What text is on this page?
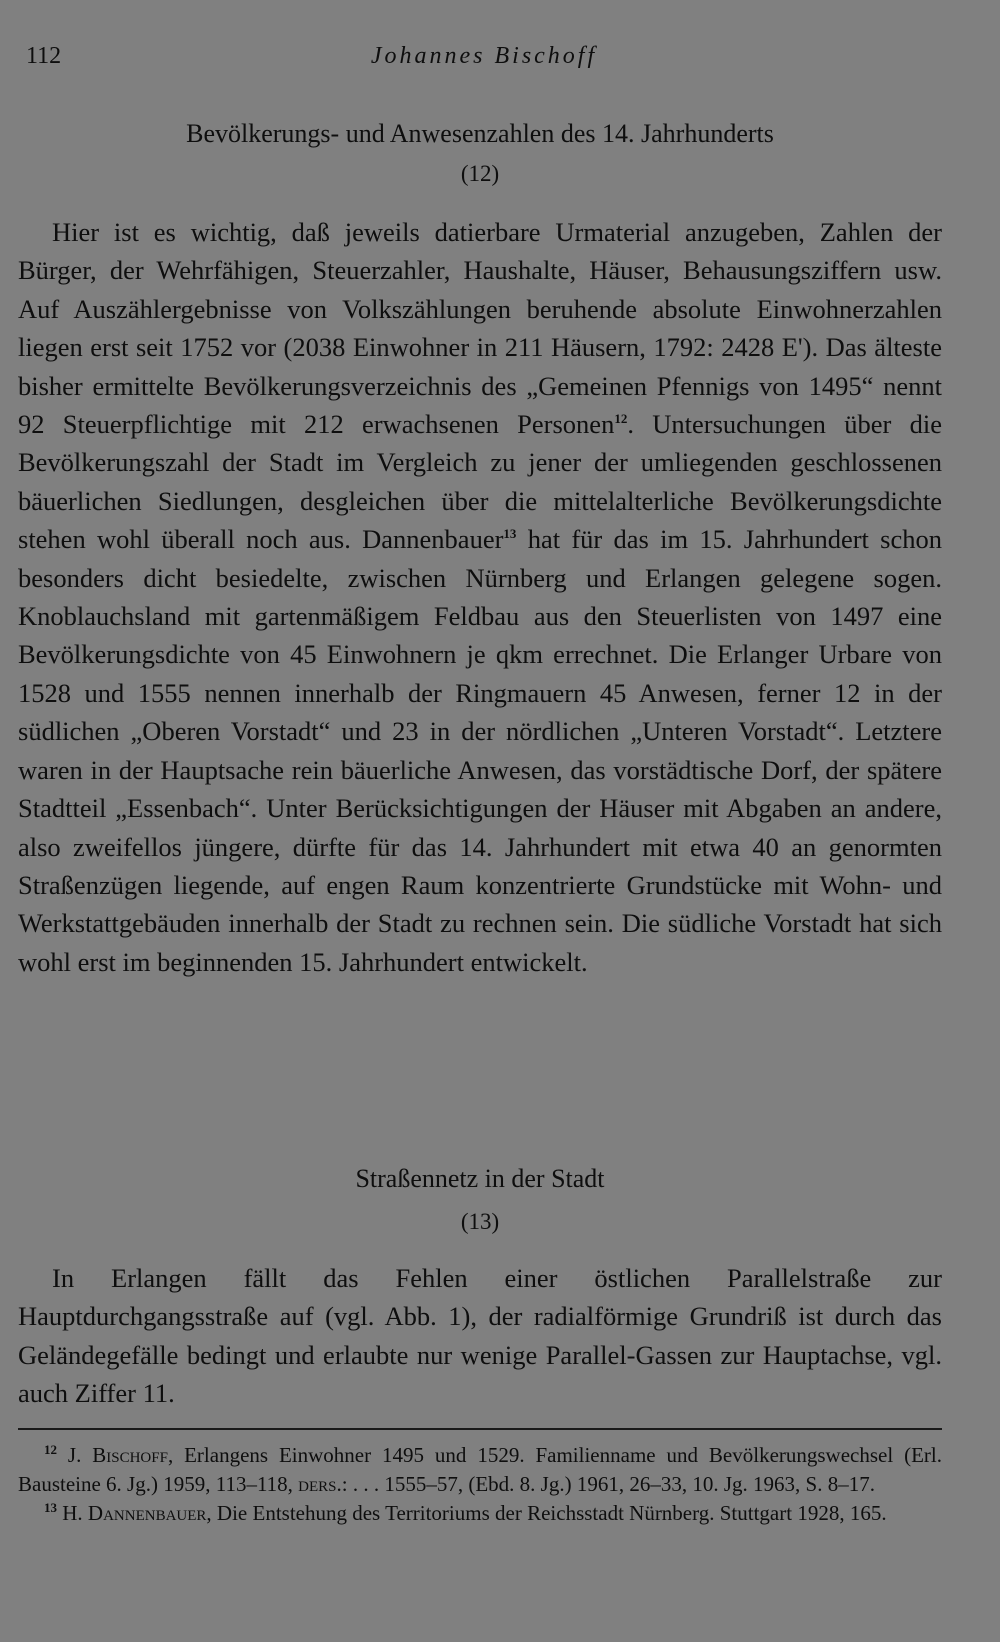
112	Johannes Bischoff
Bevölkerungs- und Anwesenzahlen des 14. Jahrhunderts
(12)

Hier ist es wichtig, daß jeweils datierbare Urmaterial anzugeben, Zahlen der Bürger, der Wehrfähigen, Steuerzahler, Haushalte, Häuser, Behausungsziffern usw. Auf Auszählergebnisse von Volkszählungen beruhende absolute Einwohnerzahlen liegen erst seit 1752 vor (2038 Einwohner in 211 Häusern, 1792: 2428 E'). Das älteste bisher ermittelte Bevölkerungsverzeichnis des „Gemeinen Pfennigs von 1495“ nennt 92 Steuerpflichtige mit 212 erwachsenen Personen$^{12}$. Untersuchungen über die Bevölkerungszahl der Stadt im Vergleich zu jener der umliegenden geschlossenen bäuerlichen Siedlungen, desgleichen über die mittelalterliche Bevölkerungsdichte stehen wohl überall noch aus. Dannenbauer$^{13}$ hat für das im 15. Jahrhundert schon besonders dicht besiedelte, zwischen Nürnberg und Erlangen gelegene sogen. Knoblauchsland mit gartenmäßigem Feldbau aus den Steuerlisten von 1497 eine Bevölkerungsdichte von 45 Einwohnern je qkm errechnet. Die Erlanger Urbare von 1528 und 1555 nennen innerhalb der Ringmauern 45 Anwesen, ferner 12 in der südlichen „Oberen Vorstadt“ und 23 in der nördlichen „Unteren Vorstadt“. Letztere waren in der Hauptsache rein bäuerliche Anwesen, das vorstädtische Dorf, der spätere Stadtteil „Essenbach“. Unter Berücksichtigungen der Häuser mit Abgaben an andere, also zweifellos jüngere, dürfte für das 14. Jahrhundert mit etwa 40 an genormten Straßenzügen liegende, auf engen Raum konzentrierte Grundstücke mit Wohn- und Werkstattgebäuden innerhalb der Stadt zu rechnen sein. Die südliche Vorstadt hat sich wohl erst im beginnenden 15. Jahrhundert entwickelt.

Straßennetz in der Stadt
(13)

In Erlangen fällt das Fehlen einer östlichen Parallelstraße zur Hauptdurchgangsstraße auf (vgl. Abb. 1), der radialförmige Grundriß ist durch das Geländegefälle bedingt und erlaubte nur wenige Parallel-Gassen zur Hauptachse, vgl. auch Ziffer 11.

$^{12}$ J. Bischoff, Erlangens Einwohner 1495 und 1529. Familienname und Bevölkerungswechsel (Erl. Bausteine 6. Jg.) 1959, 113–118, ders.: . . . 1555–57, (Ebd. 8. Jg.) 1961, 26–33, 10. Jg. 1963, S. 8–17.

$^{13}$ H. Dannenbauer, Die Entstehung des Territoriums der Reichsstadt Nürnberg. Stuttgart 1928, 165.
